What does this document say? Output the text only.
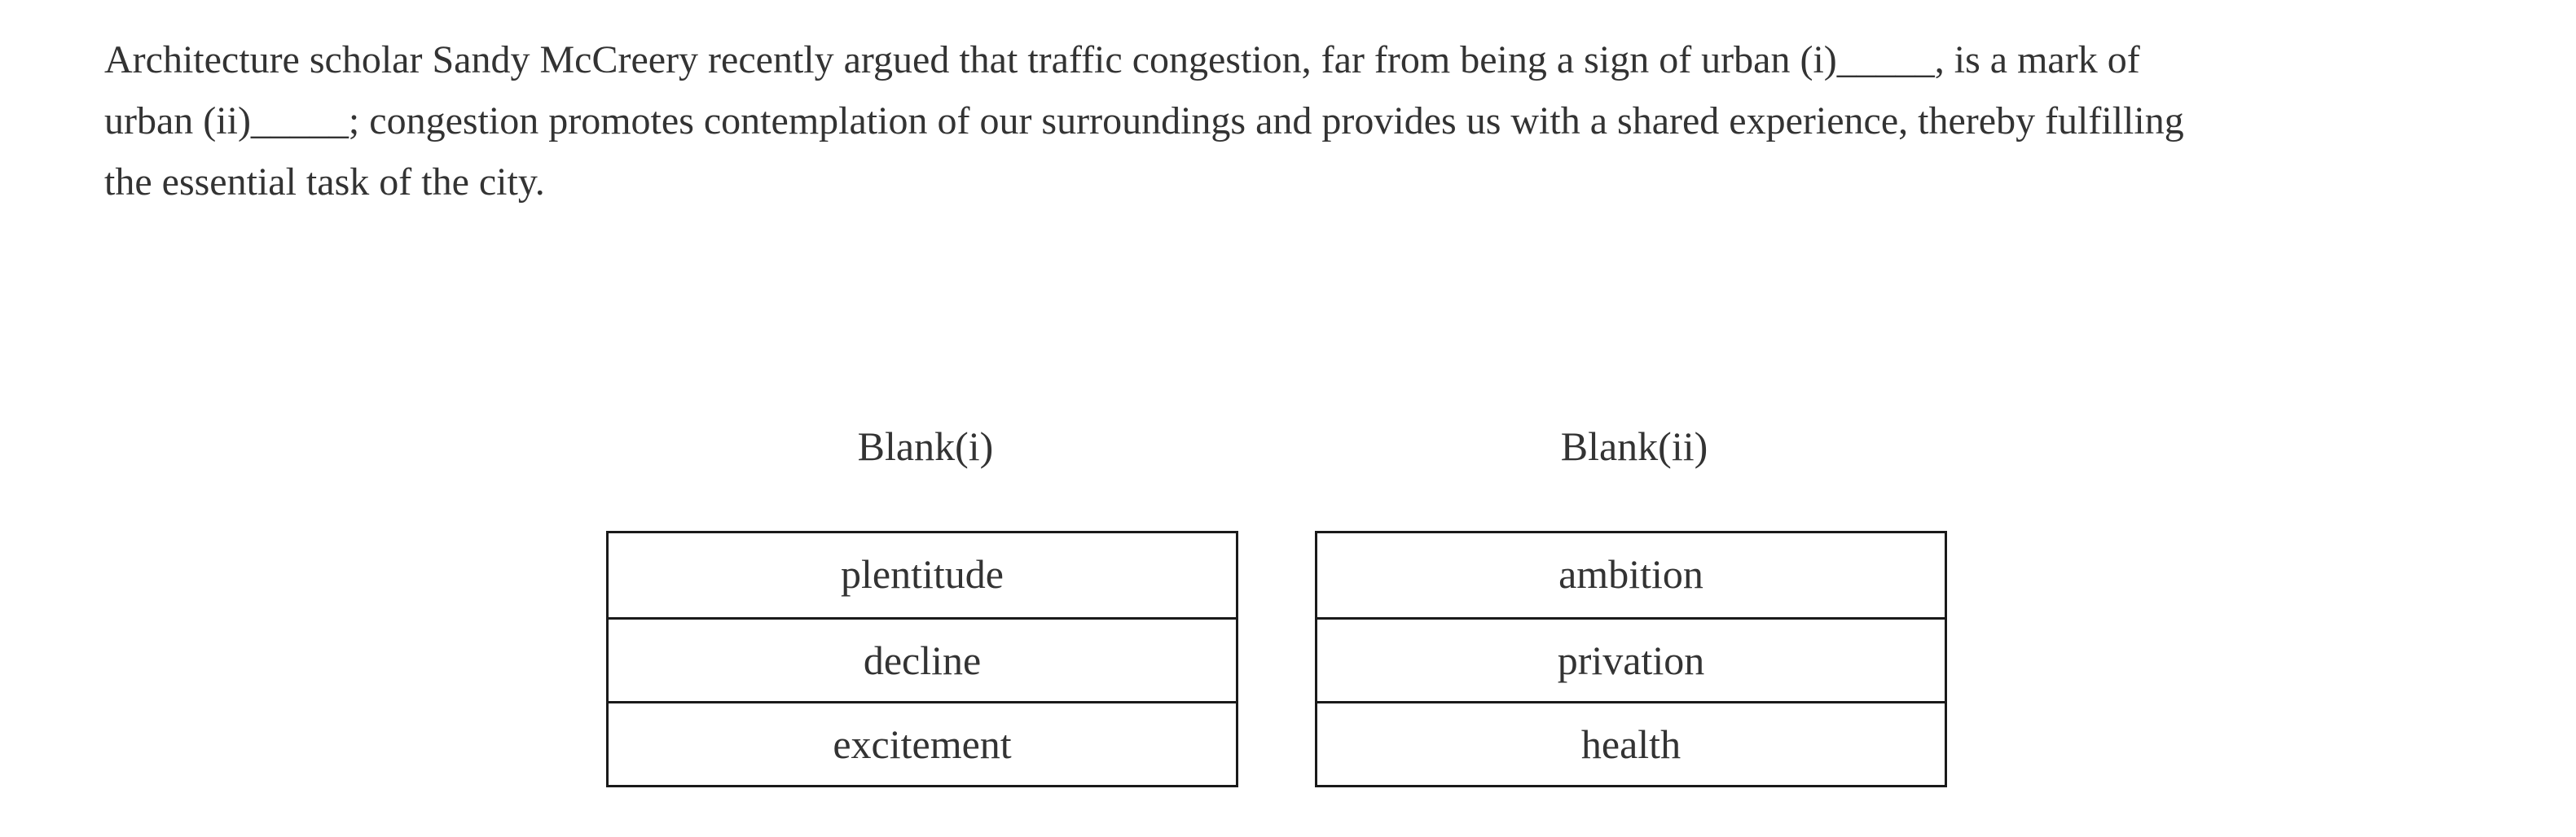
Architecture scholar Sandy McCreery recently argued that traffic congestion, far from being a sign of urban (i)_____, is a mark of
urban (ii)_____; congestion promotes contemplation of our surroundings and provides us with a shared experience, thereby fulfilling
the essential task of the city.

Blank(i)
plentitude
decline
excitement
Blank(ii)
ambition
privation
health
